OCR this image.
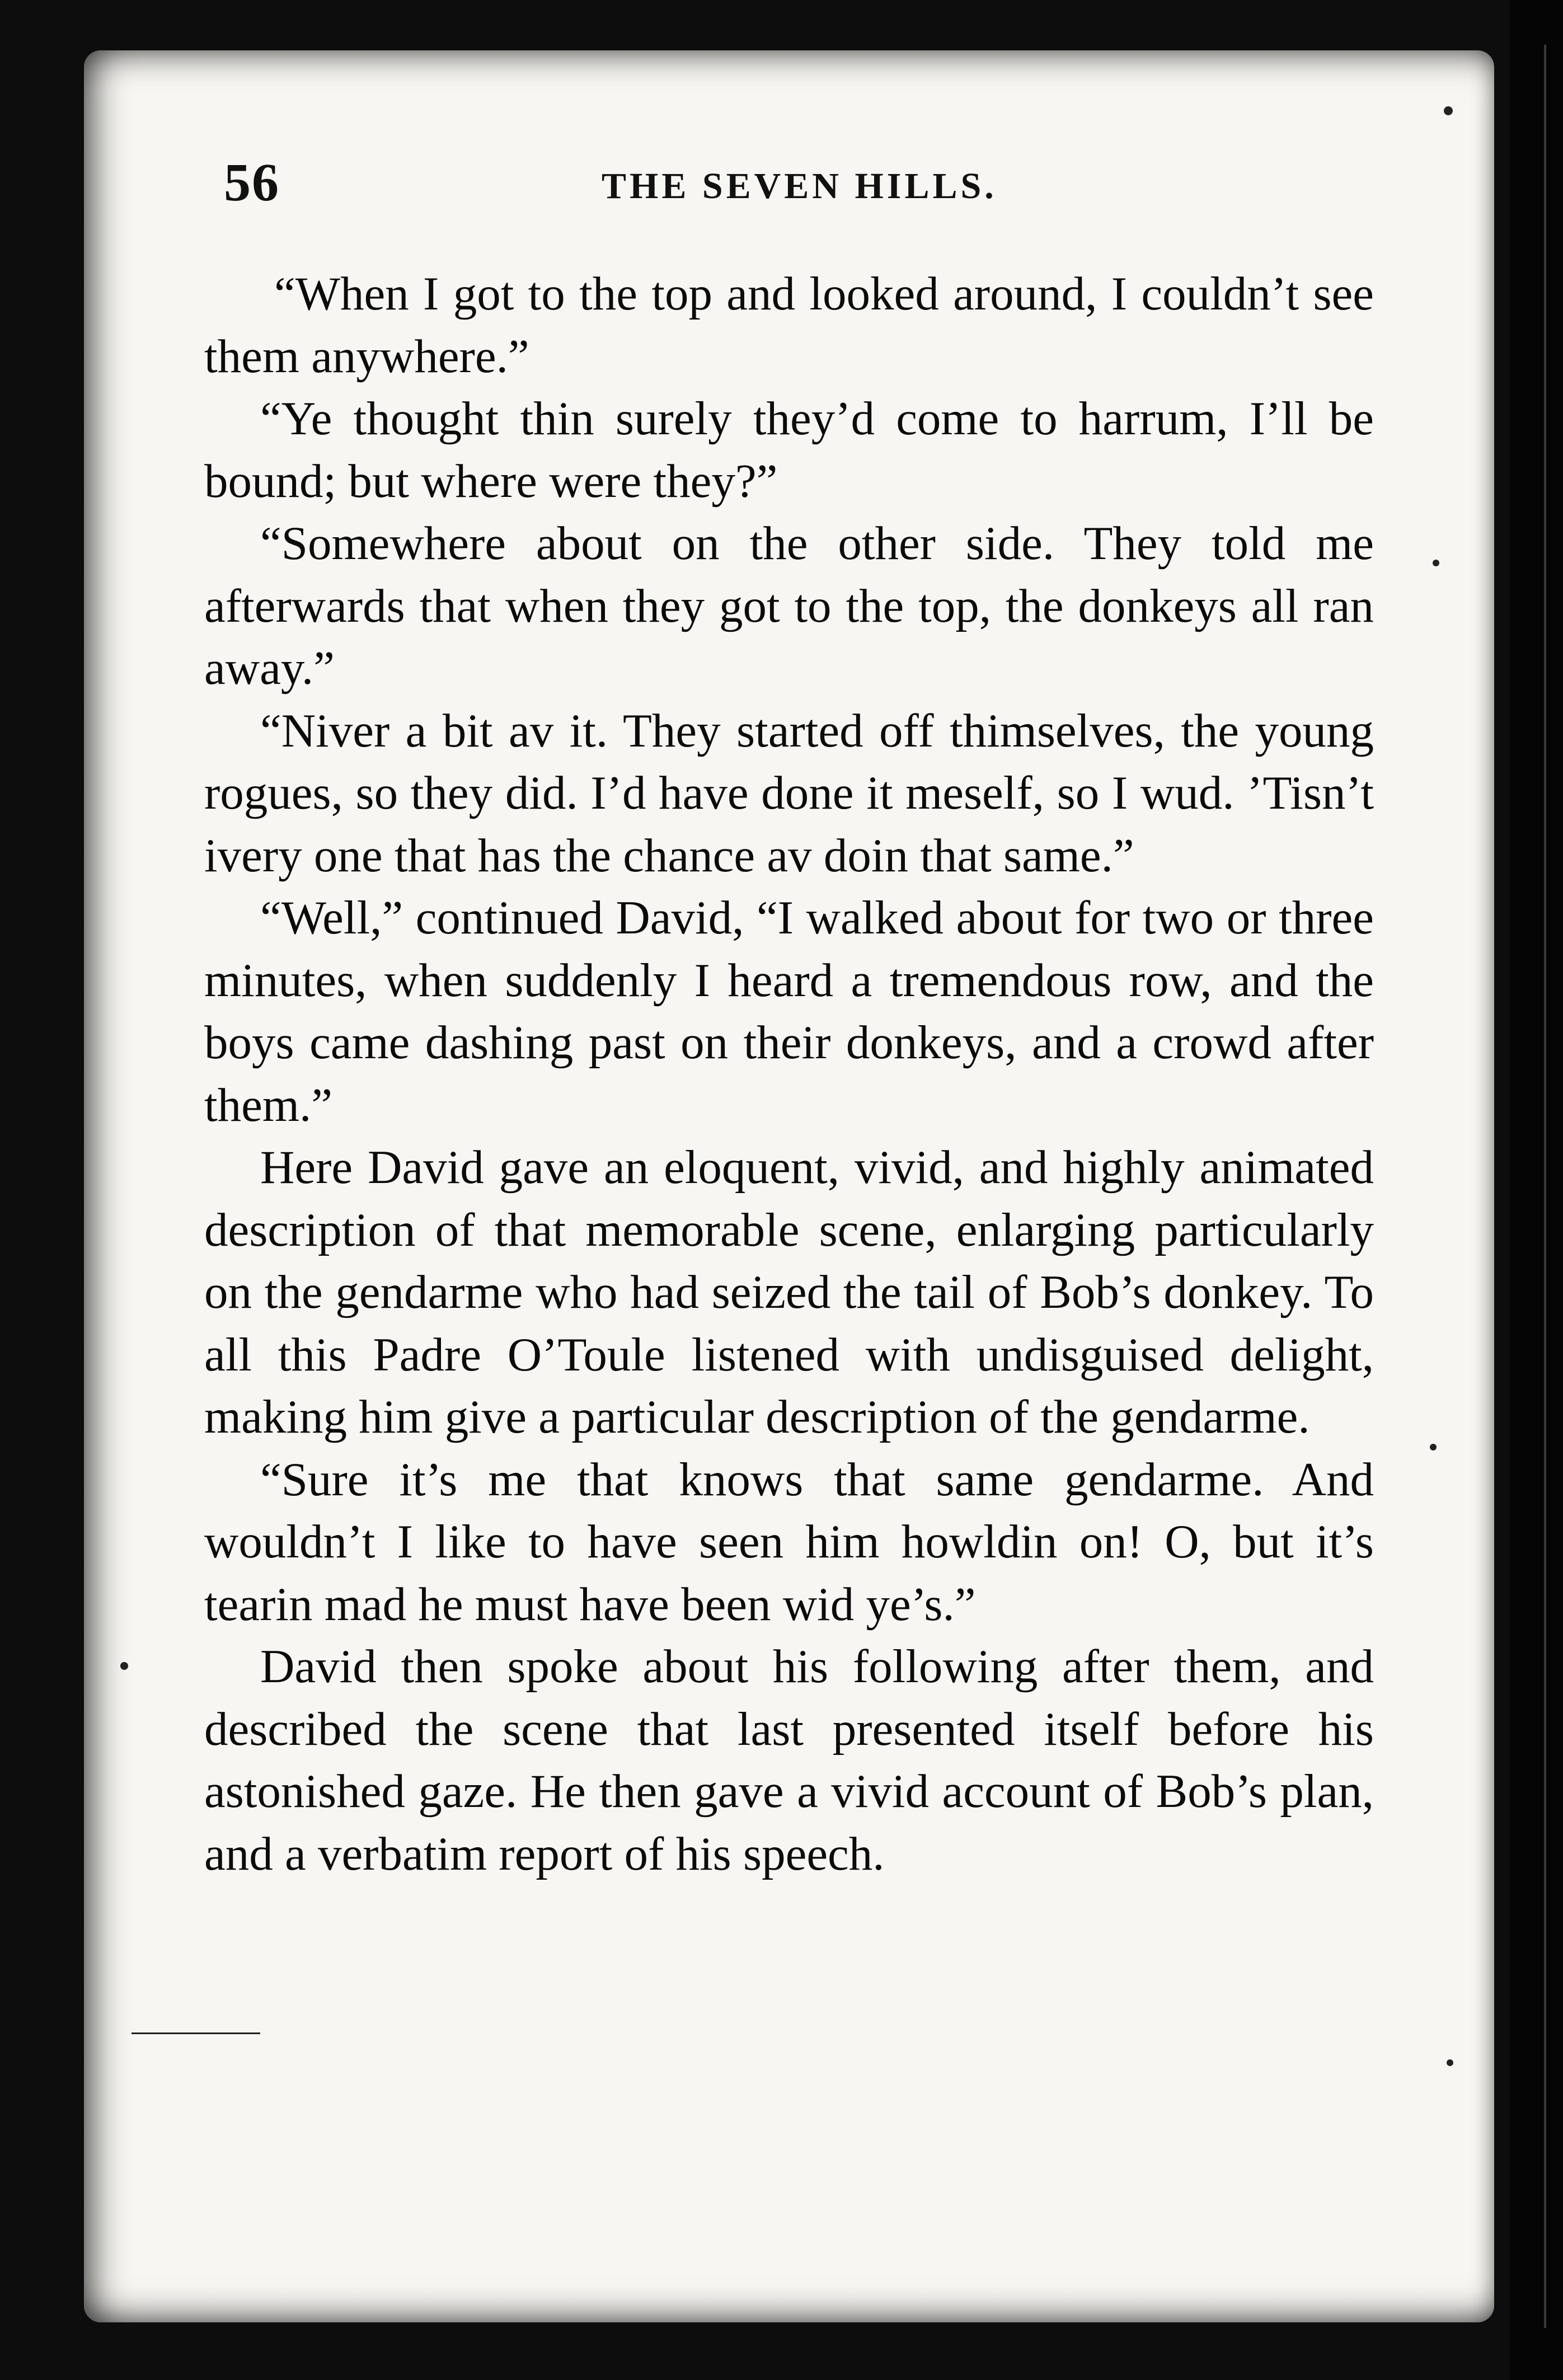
56	THE SEVEN HILLS.

“When I got to the top and looked around, I couldn’t see them anywhere.”

“Ye thought thin surely they’d come to harrum, I’ll be bound; but where were they?”

“Somewhere about on the other side. They told me afterwards that when they got to the top, the donkeys all ran away.”

“Niver a bit av it. They started off thimselves, the young rogues, so they did. I’d have done it meself, so I wud. ’Tisn’t ivery one that has the chance av doin that same.”

“Well,” continued David, “I walked about for two or three minutes, when suddenly I heard a tremendous row, and the boys came dashing past on their donkeys, and a crowd after them.”

Here David gave an eloquent, vivid, and highly animated description of that memorable scene, enlarging particularly on the gendarme who had seized the tail of Bob’s donkey. To all this Padre O’Toule listened with undisguised delight, making him give a particular description of the gendarme.

“Sure it’s me that knows that same gendarme. And wouldn’t I like to have seen him howldin on! O, but it’s tearin mad he must have been wid ye’s.”

David then spoke about his following after them, and described the scene that last presented itself before his astonished gaze. He then gave a vivid account of Bob’s plan, and a verbatim report of his speech.
